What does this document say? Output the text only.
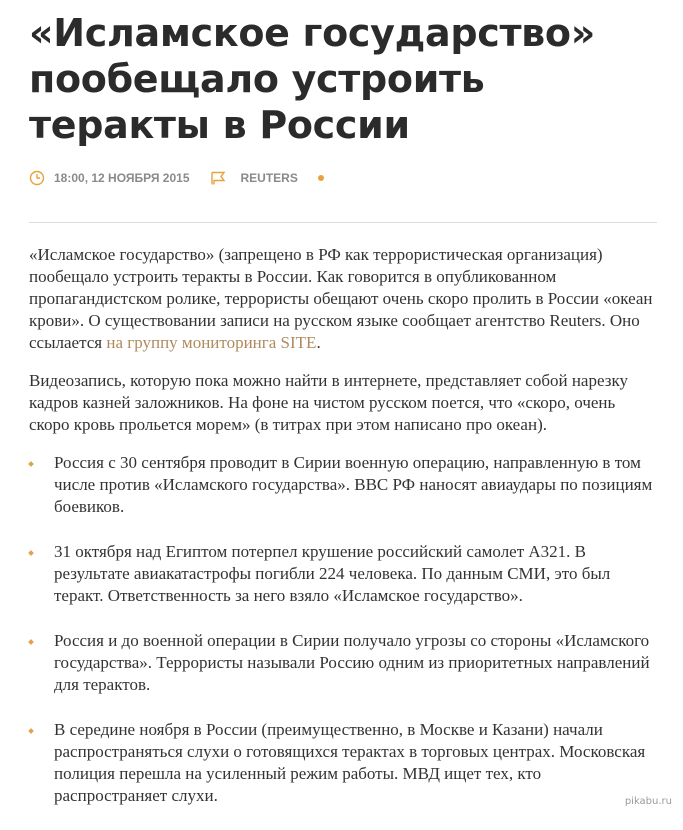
«Исламское государство» пообещало устроить теракты в России
18:00, 12 НОЯБРЯ 2015	REUTERS

«Исламское государство» (запрещено в РФ как террористическая организация) пообещало устроить теракты в России. Как говорится в опубликованном пропагандистском ролике, террористы обещают очень скоро пролить в России «океан крови». О существовании записи на русском языке сообщает агентство Reuters. Оно ссылается на группу мониторинга SITE.

Видеозапись, которую пока можно найти в интернете, представляет собой нарезку кадров казней заложников. На фоне на чистом русском поется, что «скоро, очень скоро кровь прольется морем» (в титрах при этом написано про океан).

Россия с 30 сентября проводит в Сирии военную операцию, направленную в том числе против «Исламского государства». ВВС РФ наносят авиаудары по позициям боевиков.
31 октября над Египтом потерпел крушение российский самолет А321. В результате авиакатастрофы погибли 224 человека. По данным СМИ, это был теракт. Ответственность за него взяло «Исламское государство».
Россия и до военной операции в Сирии получало угрозы со стороны «Исламского государства». Террористы называли Россию одним из приоритетных направлений для терактов.
В середине ноября в России (преимущественно, в Москве и Казани) начали распространяться слухи о готовящихся терактах в торговых центрах. Московская полиция перешла на усиленный режим работы. МВД ищет тех, кто распространяет слухи.	pikabu.ru
